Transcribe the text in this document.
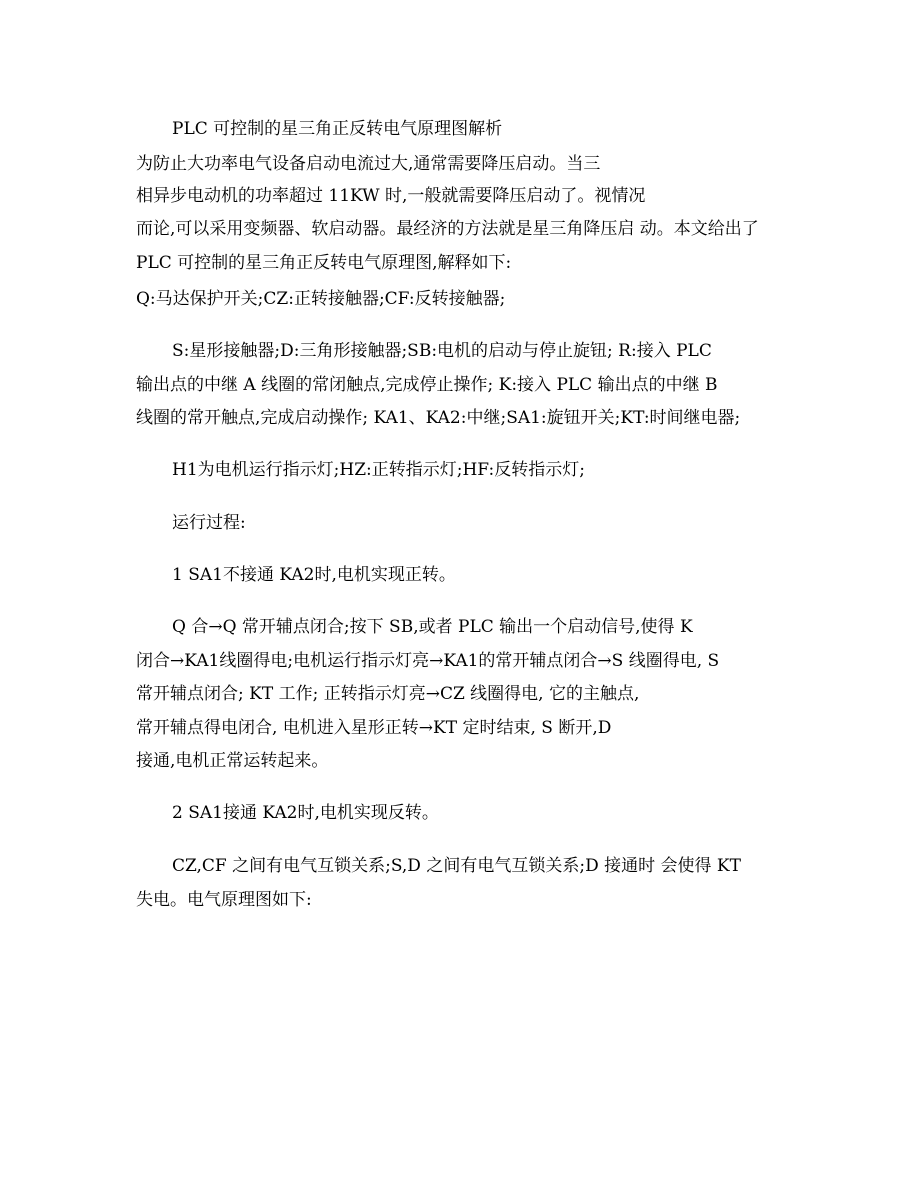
PLC 可控制的星三角正反转电气原理图解析
为防止大功率电气设备启动电流过大,通常需要降压启动。当三
相异步电动机的功率超过 11KW 时,一般就需要降压启动了。视情况
而论,可以采用变频器、软启动器。最经济的方法就是星三角降压启 动。本文给出了
PLC 可控制的星三角正反转电气原理图,解释如下:
Q:马达保护开关;CZ:正转接触器;CF:反转接触器;
S:星形接触器;D:三角形接触器;SB:电机的启动与停止旋钮; R:接入 PLC
输出点的中继 A 线圈的常闭触点,完成停止操作; K:接入 PLC 输出点的中继 B
线圈的常开触点,完成启动操作; KA1、KA2:中继;SA1:旋钮开关;KT:时间继电器;
H1为电机运行指示灯;HZ:正转指示灯;HF:反转指示灯;
运行过程:
1 SA1不接通 KA2时,电机实现正转。
Q 合→Q 常开辅点闭合;按下 SB,或者 PLC 输出一个启动信号,使得 K
闭合→KA1线圈得电;电机运行指示灯亮→KA1的常开辅点闭合→S 线圈得电, S
常开辅点闭合; KT 工作; 正转指示灯亮→CZ 线圈得电, 它的主触点,
常开辅点得电闭合, 电机进入星形正转→KT 定时结束, S 断开,D
接通,电机正常运转起来。
2 SA1接通 KA2时,电机实现反转。
CZ,CF 之间有电气互锁关系;S,D 之间有电气互锁关系;D 接通时 会使得 KT
失电。电气原理图如下:
